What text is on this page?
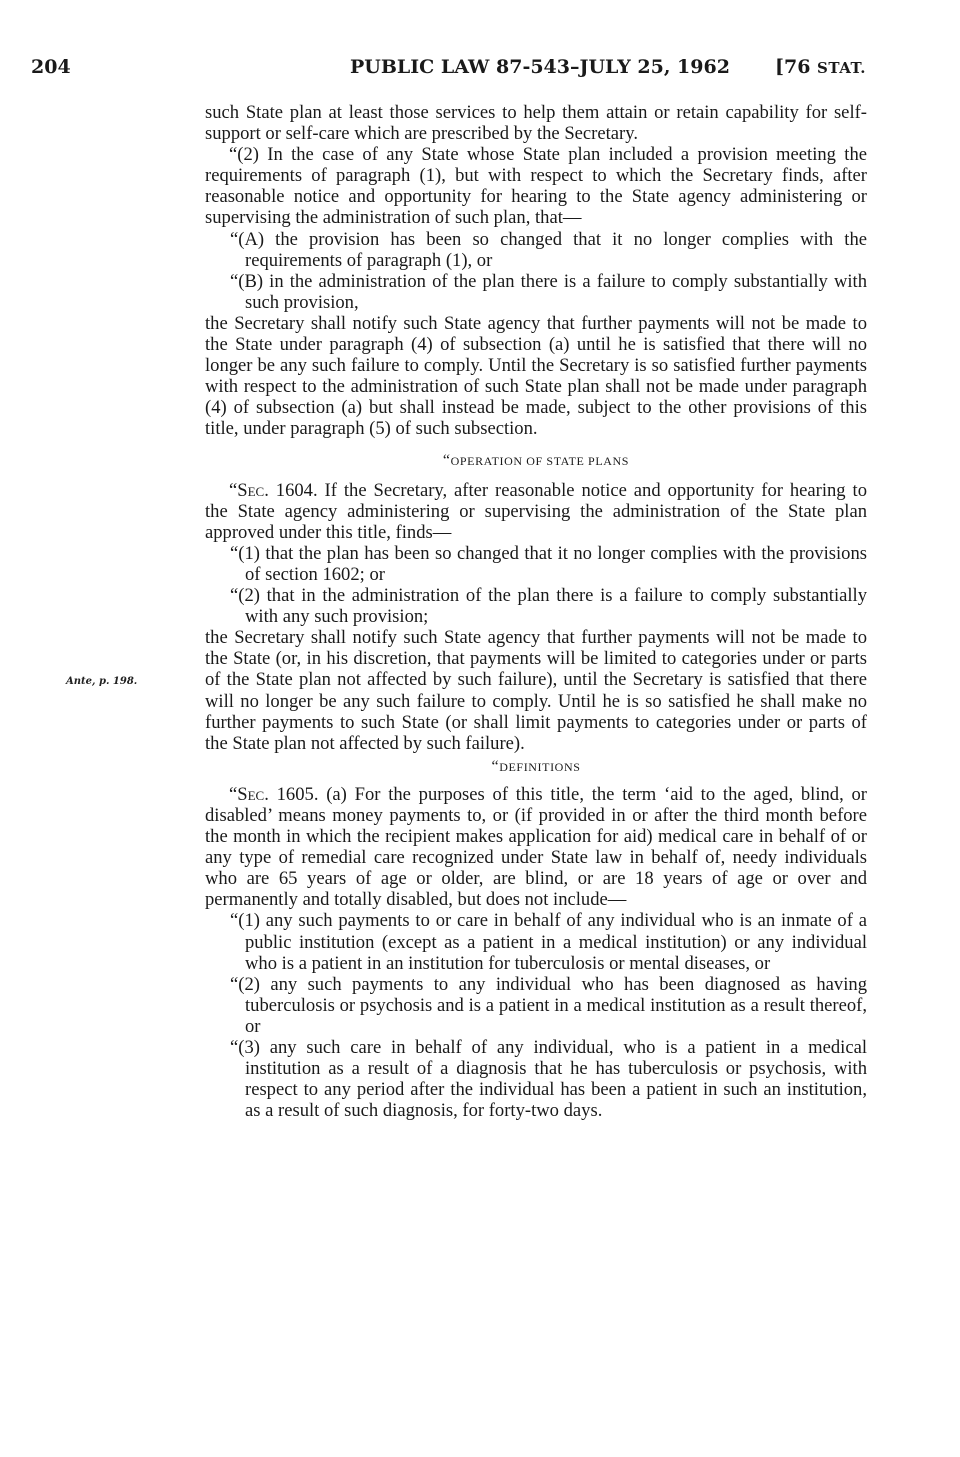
204	PUBLIC LAW 87-543–JULY 25, 1962 [76 STAT.
Ante, p. 198.

such State plan at least those services to help them attain or retain capability for self-support or self-care which are prescribed by the Secretary.

“(2) In the case of any State whose State plan included a provision meeting the requirements of paragraph (1), but with respect to which the Secretary finds, after reasonable notice and opportunity for hearing to the State agency administering or supervising the administration of such plan, that—

“(A) the provision has been so changed that it no longer complies with the requirements of paragraph (1), or

“(B) in the administration of the plan there is a failure to comply substantially with such provision,

the Secretary shall notify such State agency that further payments will not be made to the State under paragraph (4) of subsection (a) until he is satisfied that there will no longer be any such failure to comply. Until the Secretary is so satisfied further payments with respect to the administration of such State plan shall not be made under paragraph (4) of subsection (a) but shall instead be made, subject to the other provisions of this title, under paragraph (5) of such subsection.

“OPERATION OF STATE PLANS

“Sec. 1604. If the Secretary, after reasonable notice and opportunity for hearing to the State agency administering or supervising the administration of the State plan approved under this title, finds—

“(1) that the plan has been so changed that it no longer complies with the provisions of section 1602; or

“(2) that in the administration of the plan there is a failure to comply substantially with any such provision;

the Secretary shall notify such State agency that further payments will not be made to the State (or, in his discretion, that payments will be limited to categories under or parts of the State plan not affected by such failure), until the Secretary is satisfied that there will no longer be any such failure to comply. Until he is so satisfied he shall make no further payments to such State (or shall limit payments to categories under or parts of the State plan not affected by such failure).

“DEFINITIONS

“Sec. 1605. (a) For the purposes of this title, the term ‘aid to the aged, blind, or disabled’ means money payments to, or (if provided in or after the third month before the month in which the recipient makes application for aid) medical care in behalf of or any type of remedial care recognized under State law in behalf of, needy individuals who are 65 years of age or older, are blind, or are 18 years of age or over and permanently and totally disabled, but does not include—

“(1) any such payments to or care in behalf of any individual who is an inmate of a public institution (except as a patient in a medical institution) or any individual who is a patient in an institution for tuberculosis or mental diseases, or

“(2) any such payments to any individual who has been diagnosed as having tuberculosis or psychosis and is a patient in a medical institution as a result thereof, or

“(3) any such care in behalf of any individual, who is a patient in a medical institution as a result of a diagnosis that he has tuberculosis or psychosis, with respect to any period after the individual has been a patient in such an institution, as a result of such diagnosis, for forty-two days.
